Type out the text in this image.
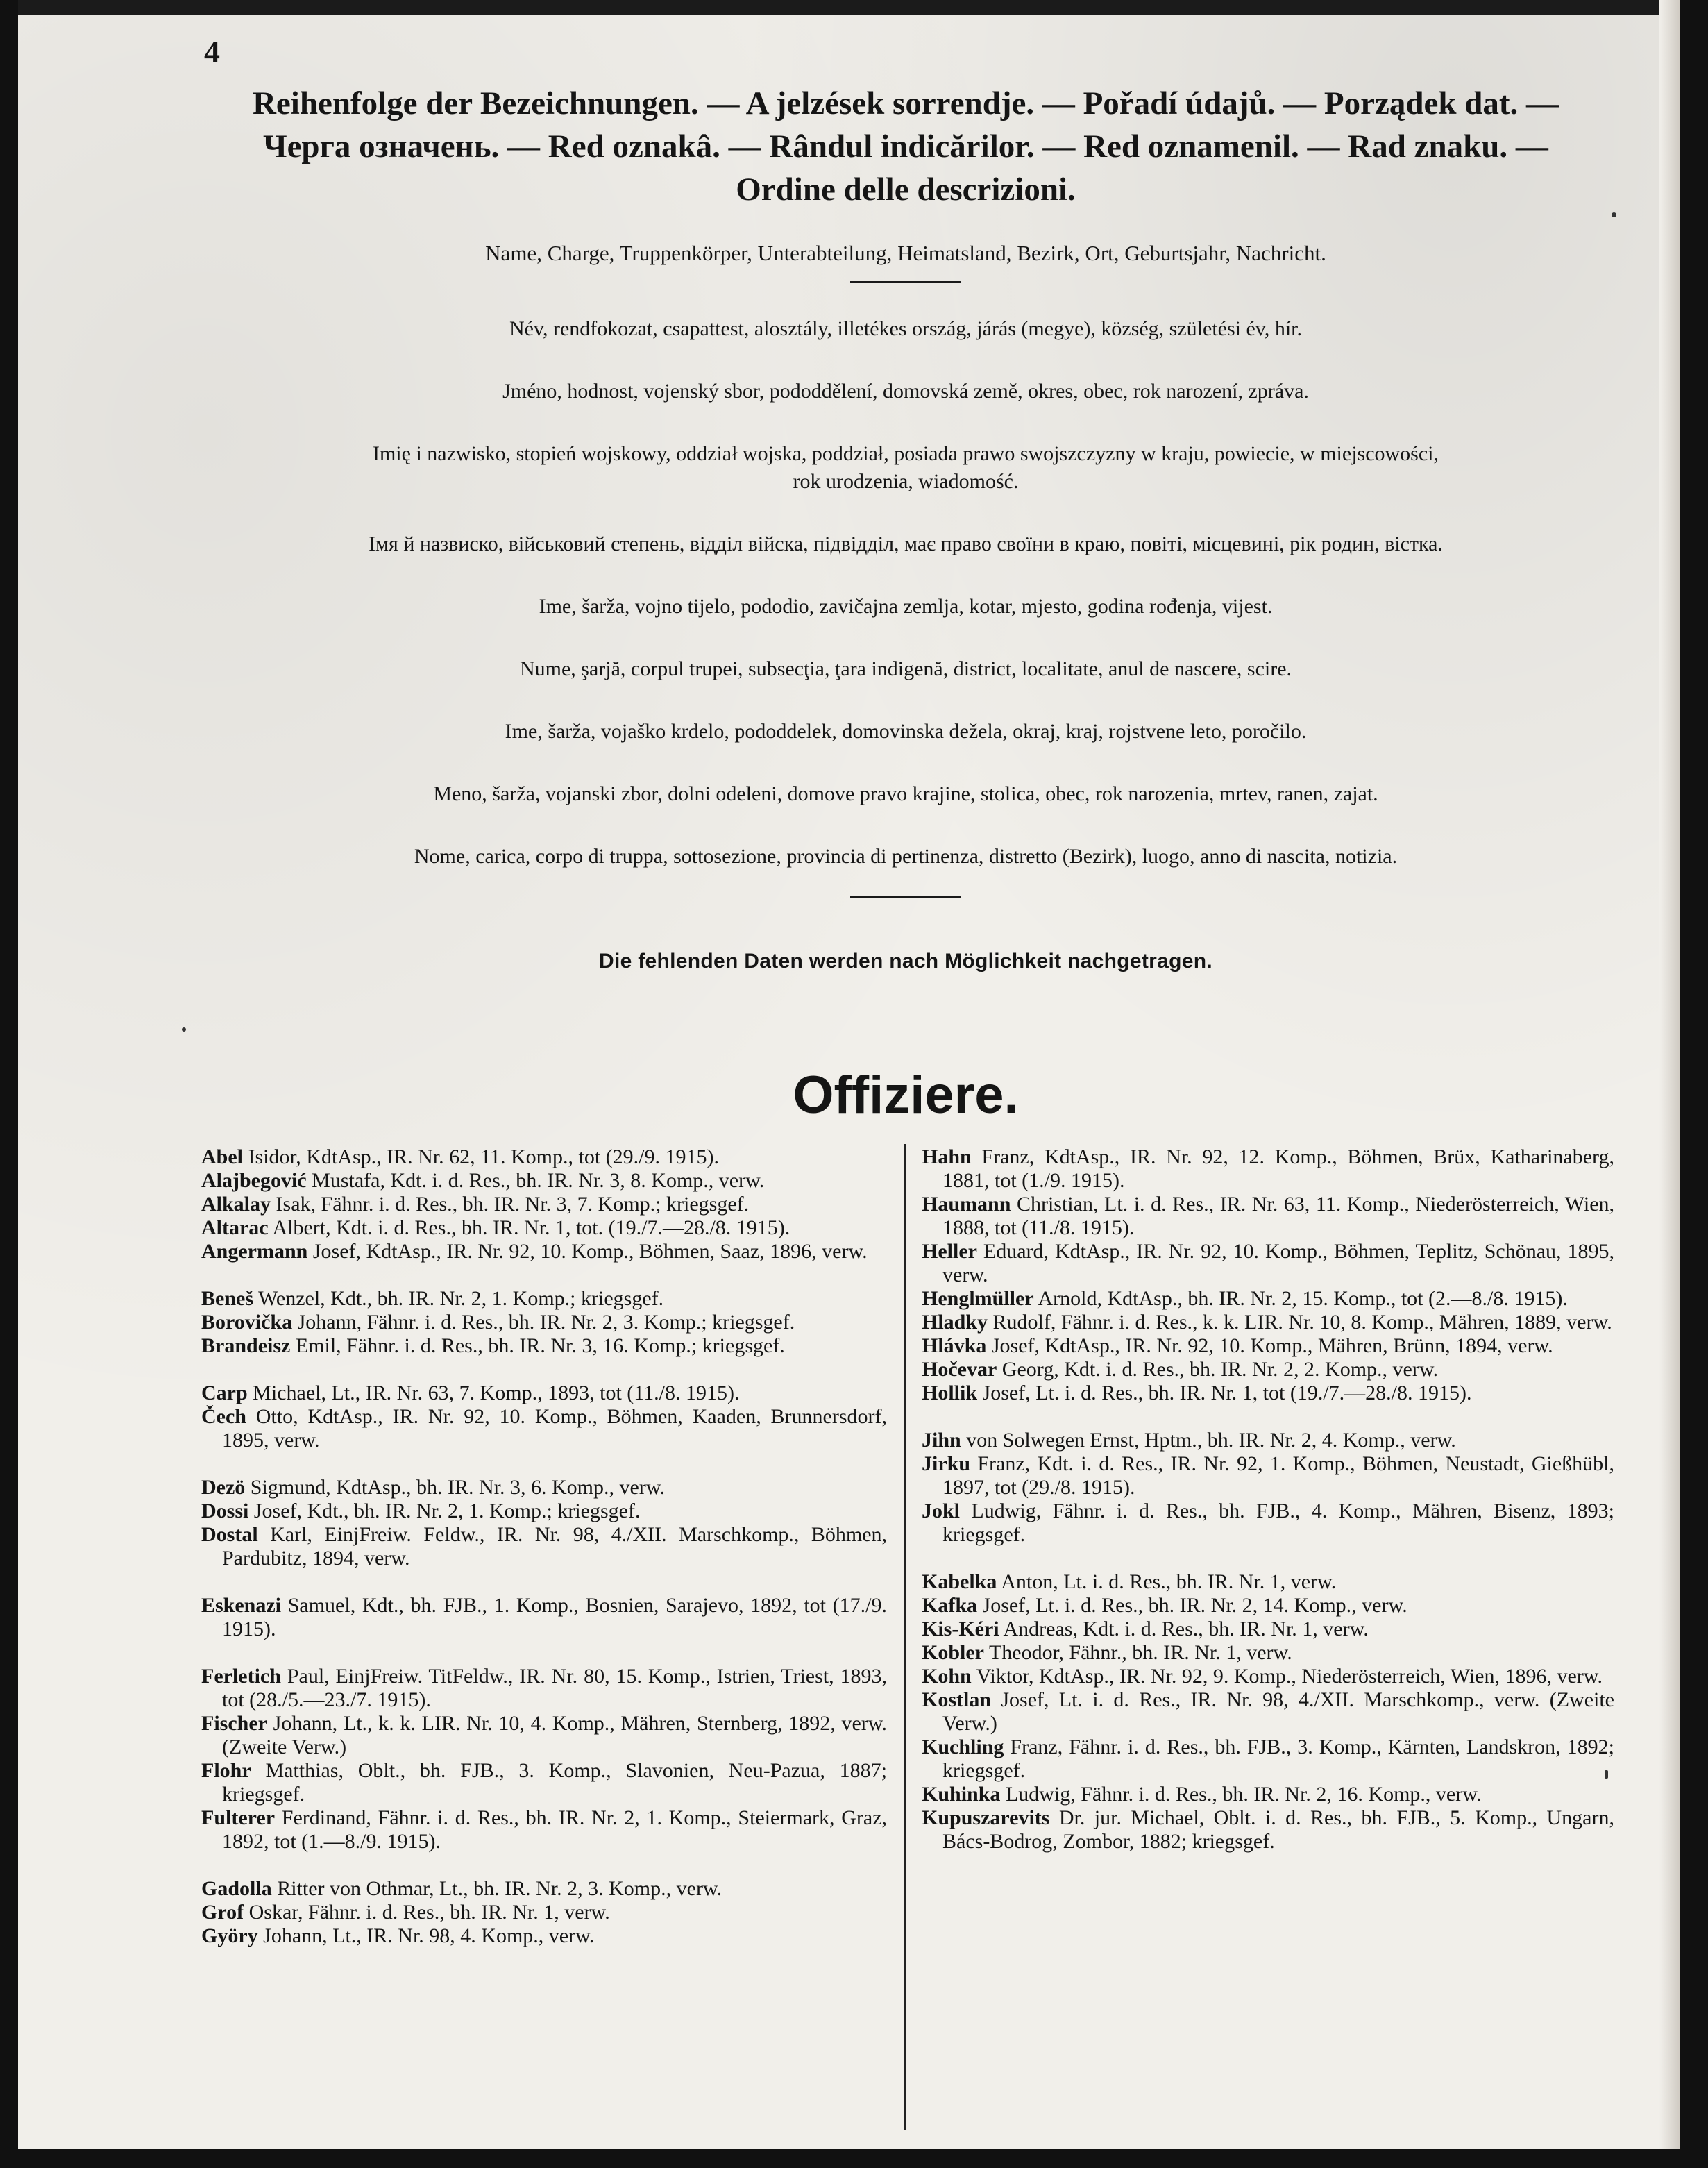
4
Reihenfolge der Bezeichnungen. — A jelzések sorrendje. — Pořadí údajů. — Porządek dat. —
Черга означень. — Red oznakâ. — Rândul indicărilor. — Red oznamenil. — Rad znaku. —
Ordine delle descrizioni.
Name, Charge, Truppenkörper, Unterabteilung, Heimatsland, Bezirk, Ort, Geburtsjahr, Nachricht.
Név, rendfokozat, csapattest, alosztály, illetékes ország, járás (megye), község, születési év, hír.
Jméno, hodnost, vojenský sbor, pododdělení, domovská země, okres, obec, rok narození, zpráva.
Imię i nazwisko, stopień wojskowy, oddział wojska, poddział, posiada prawo swojszczyzny w kraju, powiecie, w miejscowości,
rok urodzenia, wiadomość.
Імя й назвиско, військовий степень, відділ війска, підвідділ, має право своїни в краю, повіті, місцевині, рік родин, вістка.
Ime, šarža, vojno tijelo, pododio, zavičajna zemlja, kotar, mjesto, godina rođenja, vijest.
Nume, şarjă, corpul trupei, subsecţia, ţara indigenă, district, localitate, anul de nascere, scire.
Ime, šarža, vojaško krdelo, pododdelek, domovinska dežela, okraj, kraj, rojstvene leto, poročilo.
Meno, šarža, vojanski zbor, dolni odeleni, domove pravo krajine, stolica, obec, rok narozenia, mrtev, ranen, zajat.
Nome, carica, corpo di truppa, sottosezione, provincia di pertinenza, distretto (Bezirk), luogo, anno di nascita, notizia.
Die fehlenden Daten werden nach Möglichkeit nachgetragen.
Offiziere.
Abel Isidor, KdtAsp., IR. Nr. 62, 11. Komp., tot (29./9. 1915).
Alajbegović Mustafa, Kdt. i. d. Res., bh. IR. Nr. 3, 8. Komp., verw.
Alkalay Isak, Fähnr. i. d. Res., bh. IR. Nr. 3, 7. Komp.; kriegsgef.
Altarac Albert, Kdt. i. d. Res., bh. IR. Nr. 1, tot. (19./7.—28./8. 1915).
Angermann Josef, KdtAsp., IR. Nr. 92, 10. Komp., Böhmen, Saaz, 1896, verw.
Beneš Wenzel, Kdt., bh. IR. Nr. 2, 1. Komp.; kriegsgef.
Borovička Johann, Fähnr. i. d. Res., bh. IR. Nr. 2, 3. Komp.; kriegsgef.
Brandeisz Emil, Fähnr. i. d. Res., bh. IR. Nr. 3, 16. Komp.; kriegsgef.
Carp Michael, Lt., IR. Nr. 63, 7. Komp., 1893, tot (11./8. 1915).
Čech Otto, KdtAsp., IR. Nr. 92, 10. Komp., Böhmen, Kaaden, Brunnersdorf, 1895, verw.
Dezö Sigmund, KdtAsp., bh. IR. Nr. 3, 6. Komp., verw.
Dossi Josef, Kdt., bh. IR. Nr. 2, 1. Komp.; kriegsgef.
Dostal Karl, EinjFreiw. Feldw., IR. Nr. 98, 4./XII. Marschkomp., Böhmen, Pardubitz, 1894, verw.
Eskenazi Samuel, Kdt., bh. FJB., 1. Komp., Bosnien, Sarajevo, 1892, tot (17./9. 1915).
Ferletich Paul, EinjFreiw. TitFeldw., IR. Nr. 80, 15. Komp., Istrien, Triest, 1893, tot (28./5.—23./7. 1915).
Fischer Johann, Lt., k. k. LIR. Nr. 10, 4. Komp., Mähren, Sternberg, 1892, verw. (Zweite Verw.)
Flohr Matthias, Oblt., bh. FJB., 3. Komp., Slavonien, Neu-Pazua, 1887; kriegsgef.
Fulterer Ferdinand, Fähnr. i. d. Res., bh. IR. Nr. 2, 1. Komp., Steiermark, Graz, 1892, tot (1.—8./9. 1915).
Gadolla Ritter von Othmar, Lt., bh. IR. Nr. 2, 3. Komp., verw.
Grof Oskar, Fähnr. i. d. Res., bh. IR. Nr. 1, verw.
Györy Johann, Lt., IR. Nr. 98, 4. Komp., verw.
Hahn Franz, KdtAsp., IR. Nr. 92, 12. Komp., Böhmen, Brüx, Katharinaberg, 1881, tot (1./9. 1915).
Haumann Christian, Lt. i. d. Res., IR. Nr. 63, 11. Komp., Niederösterreich, Wien, 1888, tot (11./8. 1915).
Heller Eduard, KdtAsp., IR. Nr. 92, 10. Komp., Böhmen, Teplitz, Schönau, 1895, verw.
Henglmüller Arnold, KdtAsp., bh. IR. Nr. 2, 15. Komp., tot (2.—8./8. 1915).
Hladky Rudolf, Fähnr. i. d. Res., k. k. LIR. Nr. 10, 8. Komp., Mähren, 1889, verw.
Hlávka Josef, KdtAsp., IR. Nr. 92, 10. Komp., Mähren, Brünn, 1894, verw.
Hočevar Georg, Kdt. i. d. Res., bh. IR. Nr. 2, 2. Komp., verw.
Hollik Josef, Lt. i. d. Res., bh. IR. Nr. 1, tot (19./7.—28./8. 1915).
Jihn von Solwegen Ernst, Hptm., bh. IR. Nr. 2, 4. Komp., verw.
Jirku Franz, Kdt. i. d. Res., IR. Nr. 92, 1. Komp., Böhmen, Neustadt, Gießhübl, 1897, tot (29./8. 1915).
Jokl Ludwig, Fähnr. i. d. Res., bh. FJB., 4. Komp., Mähren, Bisenz, 1893; kriegsgef.
Kabelka Anton, Lt. i. d. Res., bh. IR. Nr. 1, verw.
Kafka Josef, Lt. i. d. Res., bh. IR. Nr. 2, 14. Komp., verw.
Kis-Kéri Andreas, Kdt. i. d. Res., bh. IR. Nr. 1, verw.
Kobler Theodor, Fähnr., bh. IR. Nr. 1, verw.
Kohn Viktor, KdtAsp., IR. Nr. 92, 9. Komp., Niederösterreich, Wien, 1896, verw.
Kostlan Josef, Lt. i. d. Res., IR. Nr. 98, 4./XII. Marschkomp., verw. (Zweite Verw.)
Kuchling Franz, Fähnr. i. d. Res., bh. FJB., 3. Komp., Kärnten, Landskron, 1892; kriegsgef.
Kuhinka Ludwig, Fähnr. i. d. Res., bh. IR. Nr. 2, 16. Komp., verw.
Kupuszarevits Dr. jur. Michael, Oblt. i. d. Res., bh. FJB., 5. Komp., Ungarn, Bács-Bodrog, Zombor, 1882; kriegsgef.
